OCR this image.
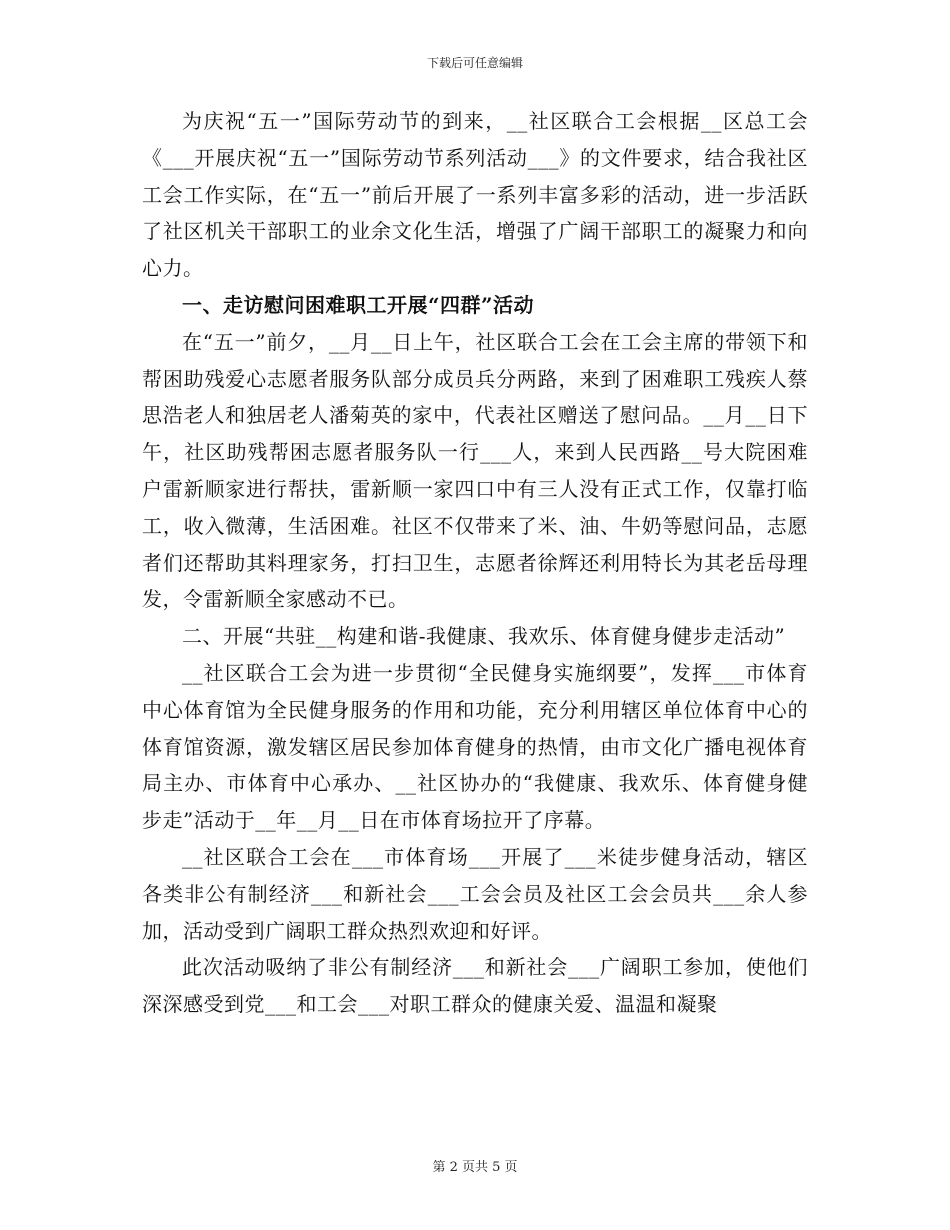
下载后可任意编辑

为庆祝“五一”国际劳动节的到来，__社区联合工会根据__区总工会《___开展庆祝“五一”国际劳动节系列活动___》的文件要求，结合我社区工会工作实际，在“五一”前后开展了一系列丰富多彩的活动，进一步活跃了社区机关干部职工的业余文化生活，增强了广阔干部职工的凝聚力和向心力。

一、走访慰问困难职工开展“四群”活动

在“五一”前夕，__月__日上午，社区联合工会在工会主席的带领下和帮困助残爱心志愿者服务队部分成员兵分两路，来到了困难职工残疾人蔡思浩老人和独居老人潘菊英的家中，代表社区赠送了慰问品。__月__日下午，社区助残帮困志愿者服务队一行___人，来到人民西路__号大院困难户雷新顺家进行帮扶，雷新顺一家四口中有三人没有正式工作，仅靠打临工，收入微薄，生活困难。社区不仅带来了米、油、牛奶等慰问品，志愿者们还帮助其料理家务，打扫卫生，志愿者徐辉还利用特长为其老岳母理发，令雷新顺全家感动不已。

二、开展“共驻__构建和谐-我健康、我欢乐、体育健身健步走活动”

__社区联合工会为进一步贯彻“全民健身实施纲要”，发挥___市体育中心体育馆为全民健身服务的作用和功能，充分利用辖区单位体育中心的体育馆资源，激发辖区居民参加体育健身的热情，由市文化广播电视体育局主办、市体育中心承办、__社区协办的“我健康、我欢乐、体育健身健步走”活动于__年__月__日在市体育场拉开了序幕。

__社区联合工会在___市体育场___开展了___米徒步健身活动，辖区各类非公有制经济___和新社会___工会会员及社区工会会员共___余人参加，活动受到广阔职工群众热烈欢迎和好评。

此次活动吸纳了非公有制经济___和新社会___广阔职工参加，使他们深深感受到党___和工会___对职工群众的健康关爱、温温和凝聚

第 2 页共 5 页
